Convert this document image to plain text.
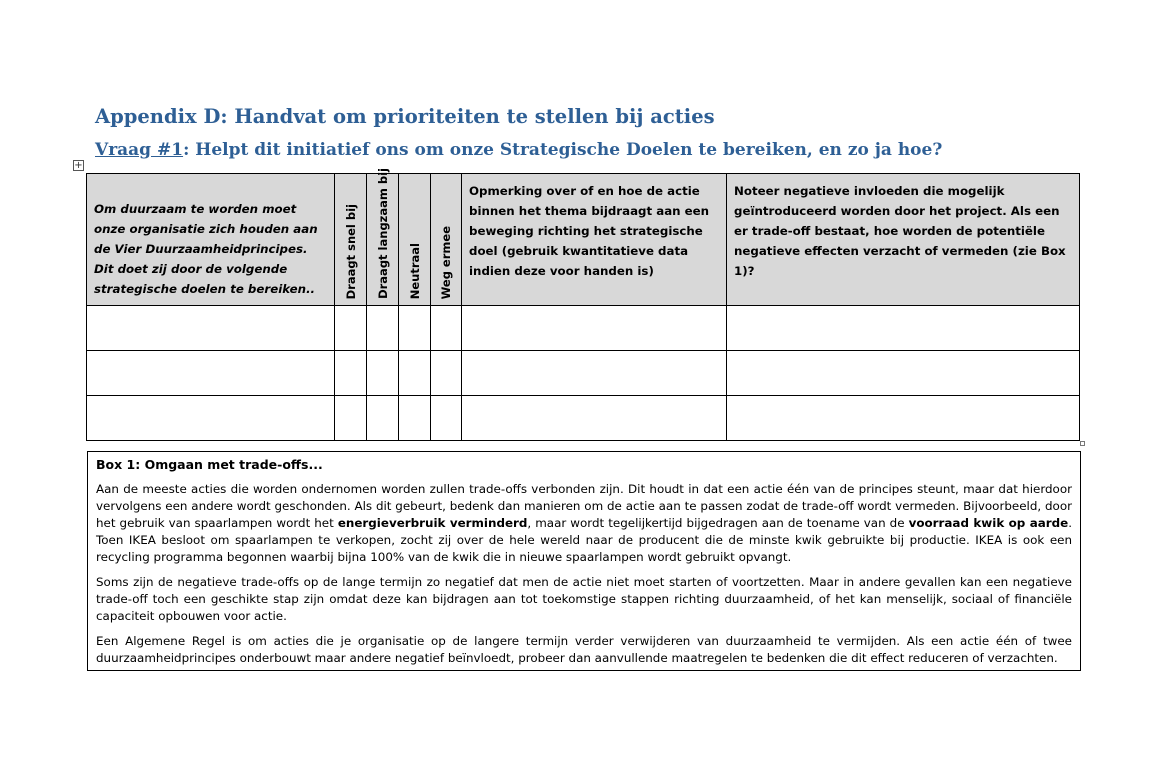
Appendix D: Handvat om prioriteiten te stellen bij acties
Vraag #1: Helpt dit initiatief ons om onze Strategische Doelen te bereiken, en zo ja hoe?
+
Om duurzaam te worden moet onze organisatie zich houden aan de Vier Duurzaamheidprincipes. Dit doet zij door de volgende strategische doelen te bereiken..	Draagt snel bij	Draagt langzaam bij	Neutraal	Weg ermee	Opmerking over of en hoe de actie binnen het thema bijdraagt aan een beweging richting het strategische doel (gebruik kwantitatieve data indien deze voor handen is)	Noteer negatieve invloeden die mogelijk geïntroduceerd worden door het project. Als een er trade-off bestaat, hoe worden de potentiële negatieve effecten verzacht of vermeden (zie Box 1)?

Box 1: Omgaan met trade-offs...

Aan de meeste acties die worden ondernomen worden zullen trade-offs verbonden zijn. Dit houdt in dat een actie één van de principes steunt, maar dat hierdoor vervolgens een andere wordt geschonden. Als dit gebeurt, bedenk dan manieren om de actie aan te passen zodat de trade-off wordt vermeden. Bijvoorbeeld, door het gebruik van spaarlampen wordt het energieverbruik verminderd, maar wordt tegelijkertijd bijgedragen aan de toename van de voorraad kwik op aarde. Toen IKEA besloot om spaarlampen te verkopen, zocht zij over de hele wereld naar de producent die de minste kwik gebruikte bij productie. IKEA is ook een recycling programma begonnen waarbij bijna 100% van de kwik die in nieuwe spaarlampen wordt gebruikt opvangt.

Soms zijn de negatieve trade-offs op de lange termijn zo negatief dat men de actie niet moet starten of voortzetten. Maar in andere gevallen kan een negatieve trade-off toch een geschikte stap zijn omdat deze kan bijdragen aan tot toekomstige stappen richting duurzaamheid, of het kan menselijk, sociaal of financiële capaciteit opbouwen voor actie.

Een Algemene Regel is om acties die je organisatie op de langere termijn verder verwijderen van duurzaamheid te vermijden. Als een actie één of twee duurzaamheidprincipes onderbouwt maar andere negatief beïnvloedt, probeer dan aanvullende maatregelen te bedenken die dit effect reduceren of verzachten.
